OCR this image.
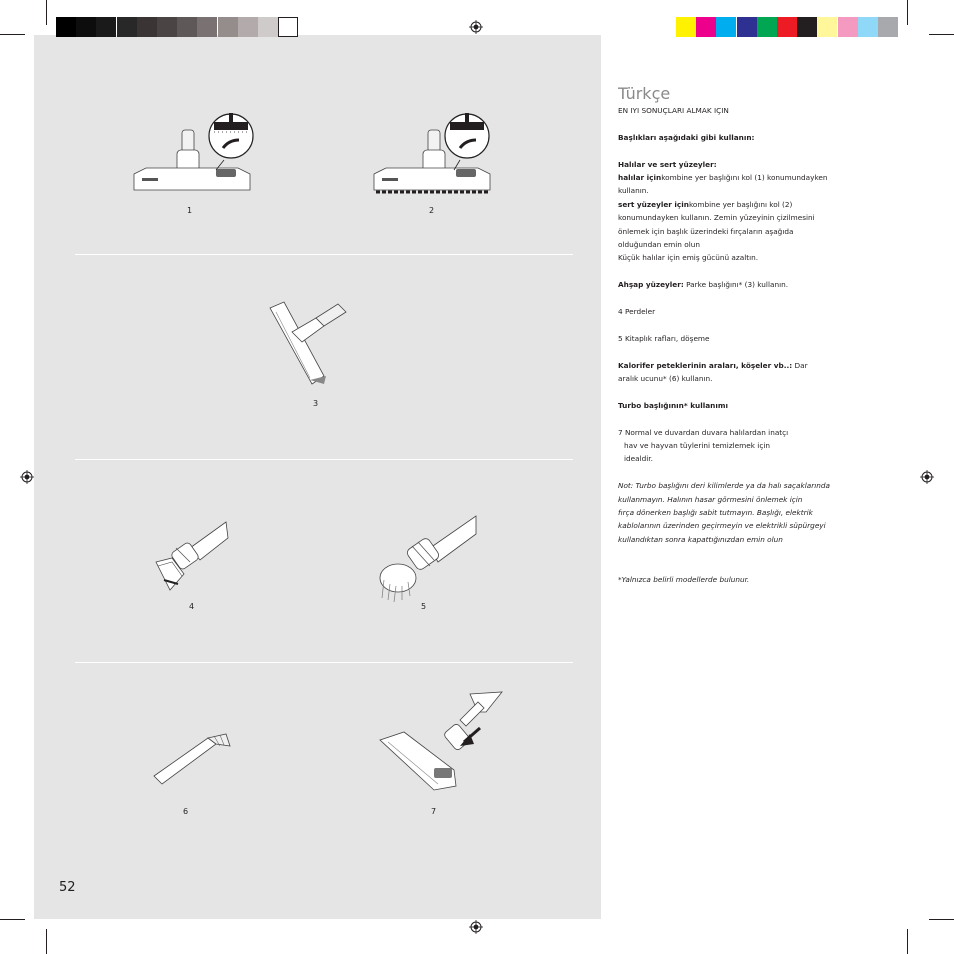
1	2
3
4	5
6	7
52
Türkçe

EN IYI SONUÇLARI ALMAK IÇIN

Başlıkları aşağıdaki gibi kullanın:

Halılar ve sert yüzeyler:

halılar içinkombine yer başlığını kol (1) konumundayken

kullanın.

sert yüzeyler içinkombine yer başlığını kol (2)

konumundayken kullanın. Zemin yüzeyinin çizilmesini

önlemek için başlık üzerindeki fırçaların aşağıda

olduğundan emin olun

Küçük halılar için emiş gücünü azaltın.

Ahşap yüzeyler: Parke başlığını* (3) kullanın.

4 Perdeler

5 Kitaplık rafları, döşeme

Kalorifer peteklerinin araları, köşeler vb..: Dar

aralık ucunu* (6) kullanın.

Turbo başlığının* kullanımı

7 Normal ve duvardan duvara halılardan inatçı

hav ve hayvan tüylerini temizlemek için

idealdir.

Not: Turbo başlığını deri kilimlerde ya da halı saçaklarında

kullanmayın. Halının hasar görmesini önlemek için

fırça dönerken başlığı sabit tutmayın. Başlığı, elektrik

kablolarının üzerinden geçirmeyin ve elektrikli süpürgeyi

kullandıktan sonra kapattığınızdan emin olun

*Yalnızca belirli modellerde bulunur.
